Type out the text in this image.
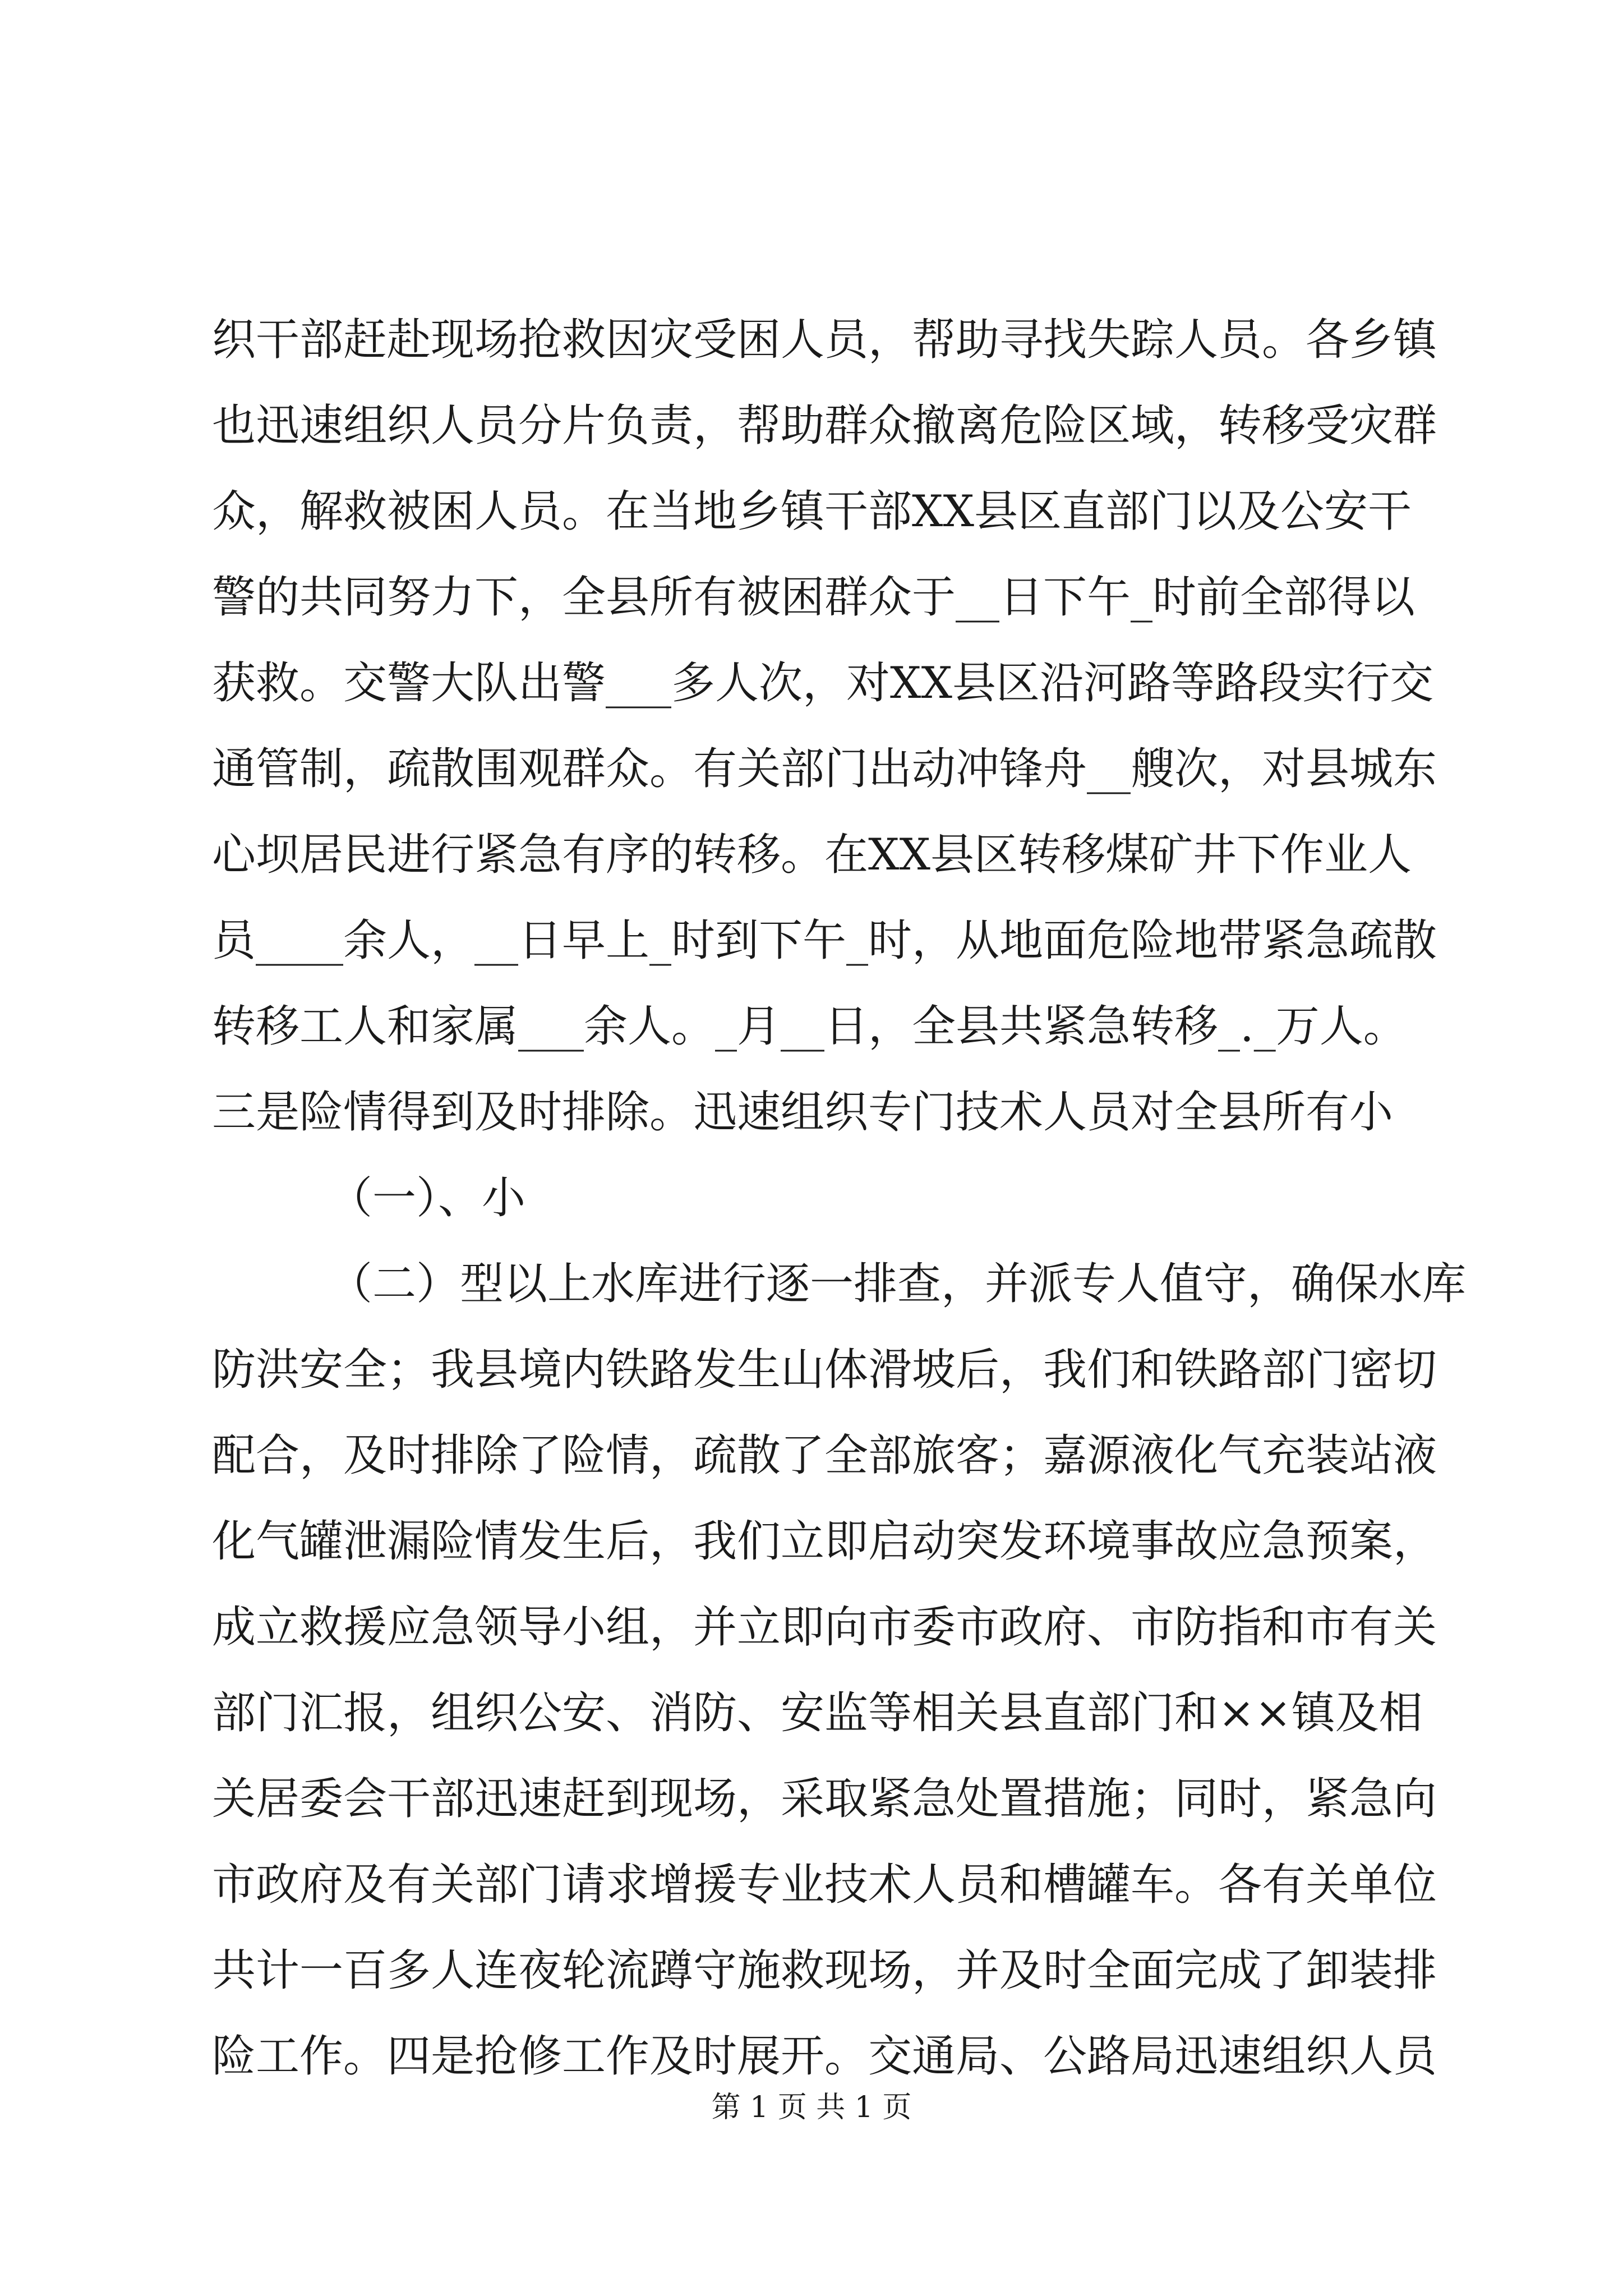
织干部赶赴现场抢救因灾受困人员，帮助寻找失踪人员。各乡镇
也迅速组织人员分片负责，帮助群众撤离危险区域，转移受灾群
众，解救被困人员。在当地乡镇干部XX县区直部门以及公安干
警的共同努力下，全县所有被困群众于__日下午_时前全部得以
获救。交警大队出警___多人次，对XX县区沿河路等路段实行交
通管制，疏散围观群众。有关部门出动冲锋舟__艘次，对县城东
心坝居民进行紧急有序的转移。在XX县区转移煤矿井下作业人
员____余人，__日早上_时到下午_时，从地面危险地带紧急疏散
转移工人和家属___余人。_月__日，全县共紧急转移_._万人。
三是险情得到及时排除。迅速组织专门技术人员对全县所有小
（一）、小
（二）型以上水库进行逐一排查，并派专人值守，确保水库
防洪安全；我县境内铁路发生山体滑坡后，我们和铁路部门密切
配合，及时排除了险情，疏散了全部旅客；嘉源液化气充装站液
化气罐泄漏险情发生后，我们立即启动突发环境事故应急预案，
成立救援应急领导小组，并立即向市委市政府、市防指和市有关
部门汇报，组织公安、消防、安监等相关县直部门和××镇及相
关居委会干部迅速赶到现场，采取紧急处置措施；同时，紧急向
市政府及有关部门请求增援专业技术人员和槽罐车。各有关单位
共计一百多人连夜轮流蹲守施救现场，并及时全面完成了卸装排
险工作。四是抢修工作及时展开。交通局、公路局迅速组织人员
第 1 页 共 1 页
